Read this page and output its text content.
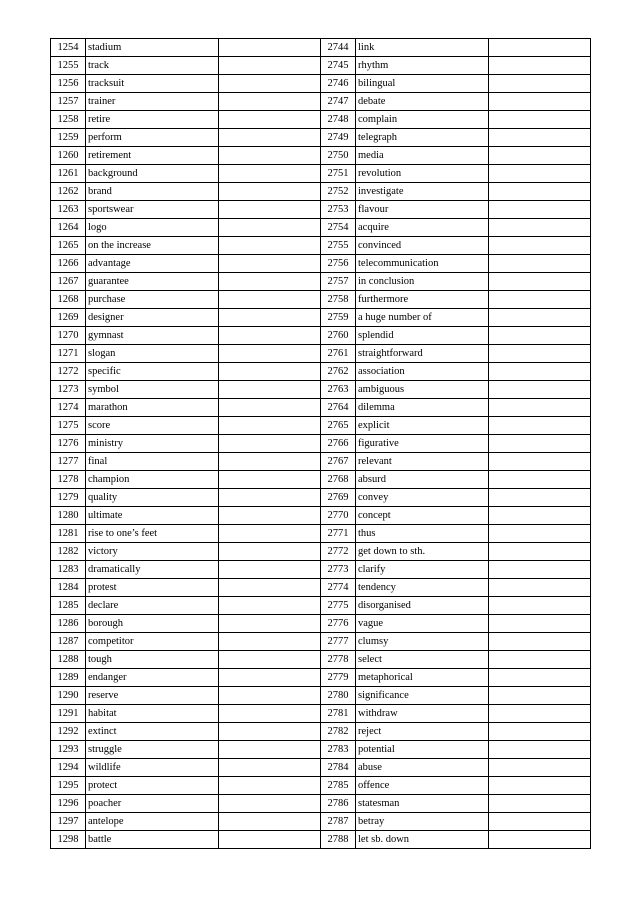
1254	stadium		2744	link	
1255	track		2745	rhythm	
1256	tracksuit		2746	bilingual	
1257	trainer		2747	debate	
1258	retire		2748	complain	
1259	perform		2749	telegraph	
1260	retirement		2750	media	
1261	background		2751	revolution	
1262	brand		2752	investigate	
1263	sportswear		2753	flavour	
1264	logo		2754	acquire	
1265	on the increase		2755	convinced	
1266	advantage		2756	telecommunication	
1267	guarantee		2757	in conclusion	
1268	purchase		2758	furthermore	
1269	designer		2759	a huge number of	
1270	gymnast		2760	splendid	
1271	slogan		2761	straightforward	
1272	specific		2762	association	
1273	symbol		2763	ambiguous	
1274	marathon		2764	dilemma	
1275	score		2765	explicit	
1276	ministry		2766	figurative	
1277	final		2767	relevant	
1278	champion		2768	absurd	
1279	quality		2769	convey	
1280	ultimate		2770	concept	
1281	rise to one’s feet		2771	thus	
1282	victory		2772	get down to sth.	
1283	dramatically		2773	clarify	
1284	protest		2774	tendency	
1285	declare		2775	disorganised	
1286	borough		2776	vague	
1287	competitor		2777	clumsy	
1288	tough		2778	select	
1289	endanger		2779	metaphorical	
1290	reserve		2780	significance	
1291	habitat		2781	withdraw	
1292	extinct		2782	reject	
1293	struggle		2783	potential	
1294	wildlife		2784	abuse	
1295	protect		2785	offence	
1296	poacher		2786	statesman	
1297	antelope		2787	betray	
1298	battle		2788	let sb. down	
